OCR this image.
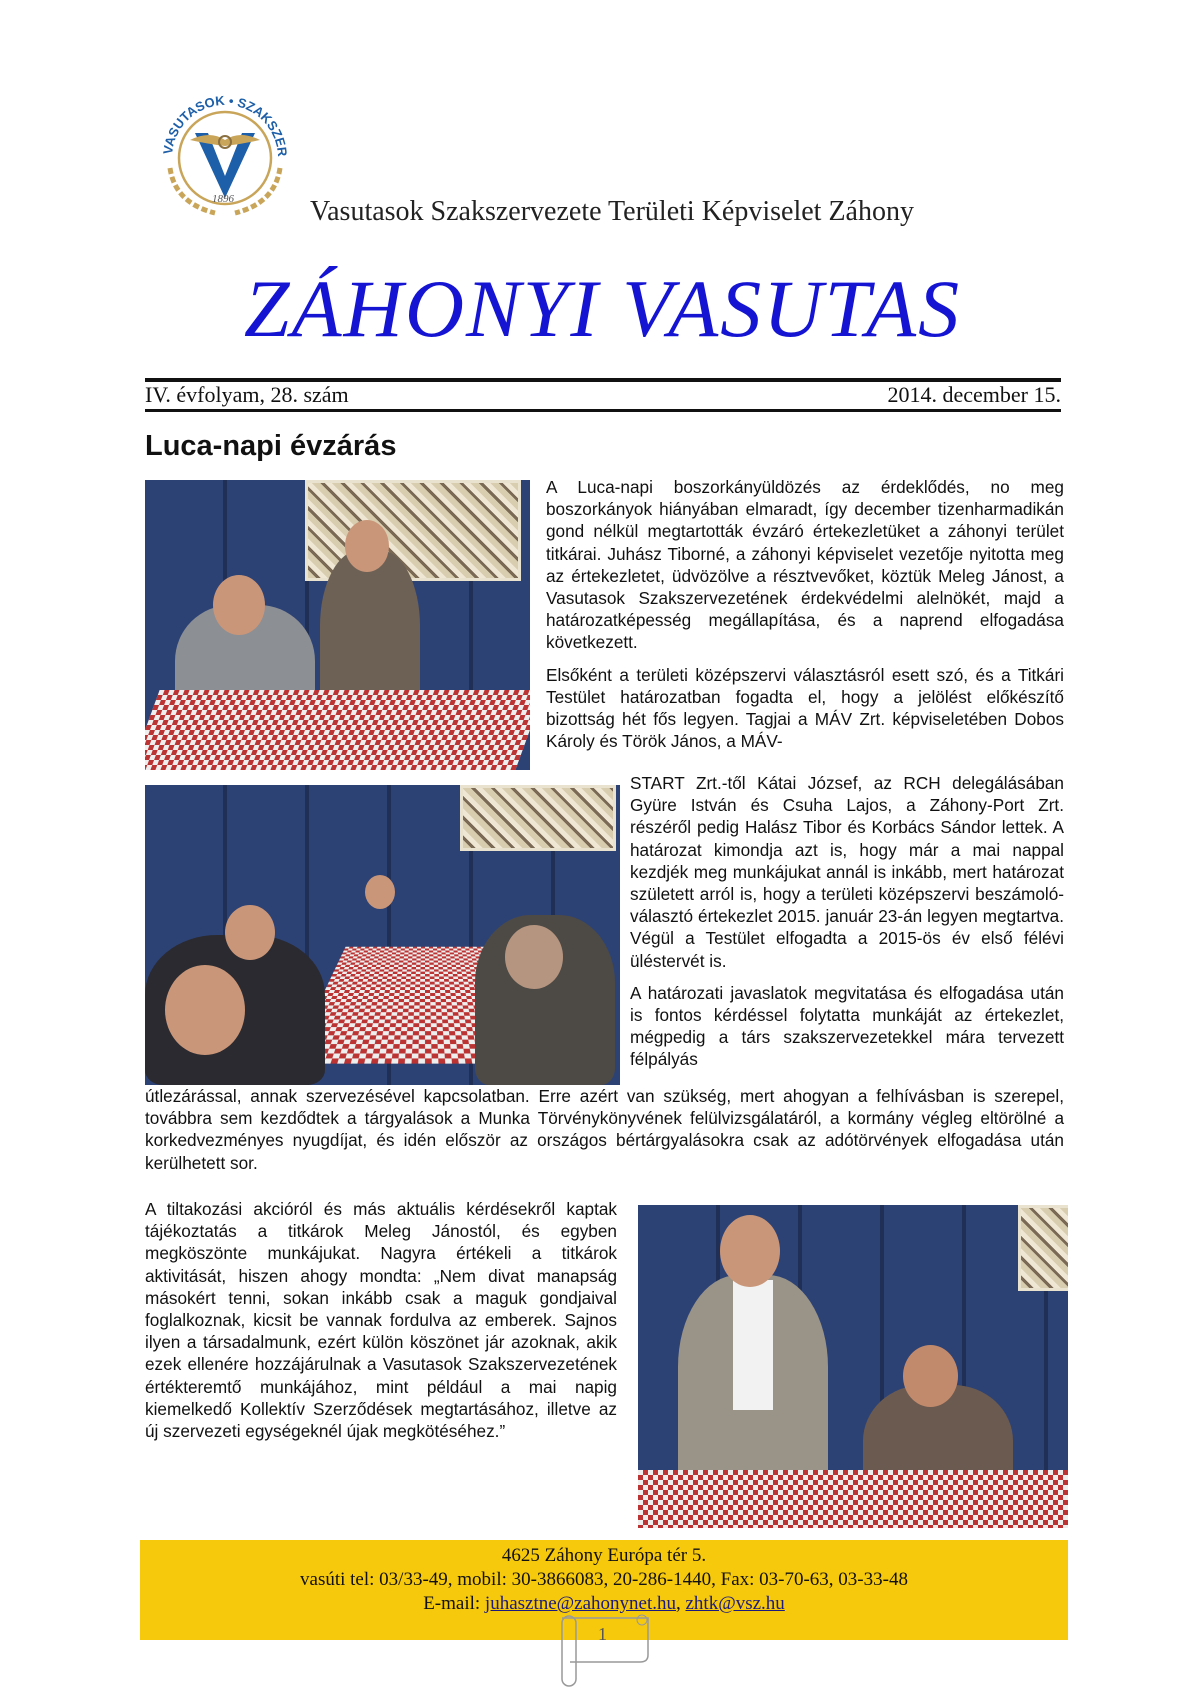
VASUTASOK • SZAKSZER
1896	Vasutasok Szakszervezete Területi Képviselet Záhony
ZÁHONYI VASUTAS
IV. évfolyam, 28. szám	2014. december 15.
Luca-napi évzárás

A Luca-napi boszorkányüldözés az érdeklődés, no meg boszorkányok hiányában elmaradt, így december tizenharmadikán gond nélkül megtartották évzáró értekezletüket a záhonyi terület titkárai. Juhász Tiborné, a záhonyi képviselet vezetője nyitotta meg az értekezletet, üdvözölve a résztvevőket, köztük Meleg Jánost, a Vasutasok Szakszervezetének érdekvédelmi alelnökét, majd a határozatképesség megállapítása, és a naprend elfogadása következett.

Elsőként a területi középszervi választásról esett szó, és a Titkári Testület határozatban fogadta el, hogy a jelölést előkészítő bizottság hét fős legyen. Tagjai a MÁV Zrt. képviseletében Dobos Károly és Török János, a MÁV-

START Zrt.-től Kátai József, az RCH delegálásában Gyüre István és Csuha Lajos, a Záhony-Port Zrt. részéről pedig Halász Tibor és Korbács Sándor lettek. A határozat kimondja azt is, hogy már a mai nappal kezdjék meg munkájukat annál is inkább, mert határozat született arról is, hogy a területi középszervi beszámoló-választó értekezlet 2015. január 23-án legyen megtartva. Végül a Testület elfogadta a 2015-ös év első félévi üléstervét is.

A határozati javaslatok megvitatása és elfogadása után is fontos kérdéssel folytatta munkáját az értekezlet, mégpedig a társ szakszervezetekkel mára tervezett félpályás

útlezárással, annak szervezésével kapcsolatban. Erre azért van szükség, mert ahogyan a felhívásban is szerepel, továbbra sem kezdődtek a tárgyalások a Munka Törvénykönyvének felülvizsgálatáról, a kormány végleg eltörölné a korkedvezményes nyugdíjat, és idén először az országos bértárgyalásokra csak az adótörvények elfogadása után kerülhetett sor.

A tiltakozási akcióról és más aktuális kérdésekről kaptak tájékoztatás a titkárok Meleg Jánostól, és egyben megköszönte munkájukat. Nagyra értékeli a titkárok aktivitását, hiszen ahogy mondta: „Nem divat manapság másokért tenni, sokan inkább csak a maguk gondjaival foglalkoznak, kicsit be vannak fordulva az emberek. Sajnos ilyen a társadalmunk, ezért külön köszönet jár azoknak, akik ezek ellenére hozzájárulnak a Vasutasok Szakszervezetének értékteremtő munkájához, mint például a mai napig kiemelkedő Kollektív Szerződések megtartásához, illetve az új szervezeti egységeknél újak megkötéséhez.”

4625 Záhony Európa tér 5.
vasúti tel: 03/33-49, mobil: 30-3866083, 20-286-1440, Fax: 03-70-63, 03-33-48
E-mail: juhasztne@zahonynet.hu, zhtk@vsz.hu
1
